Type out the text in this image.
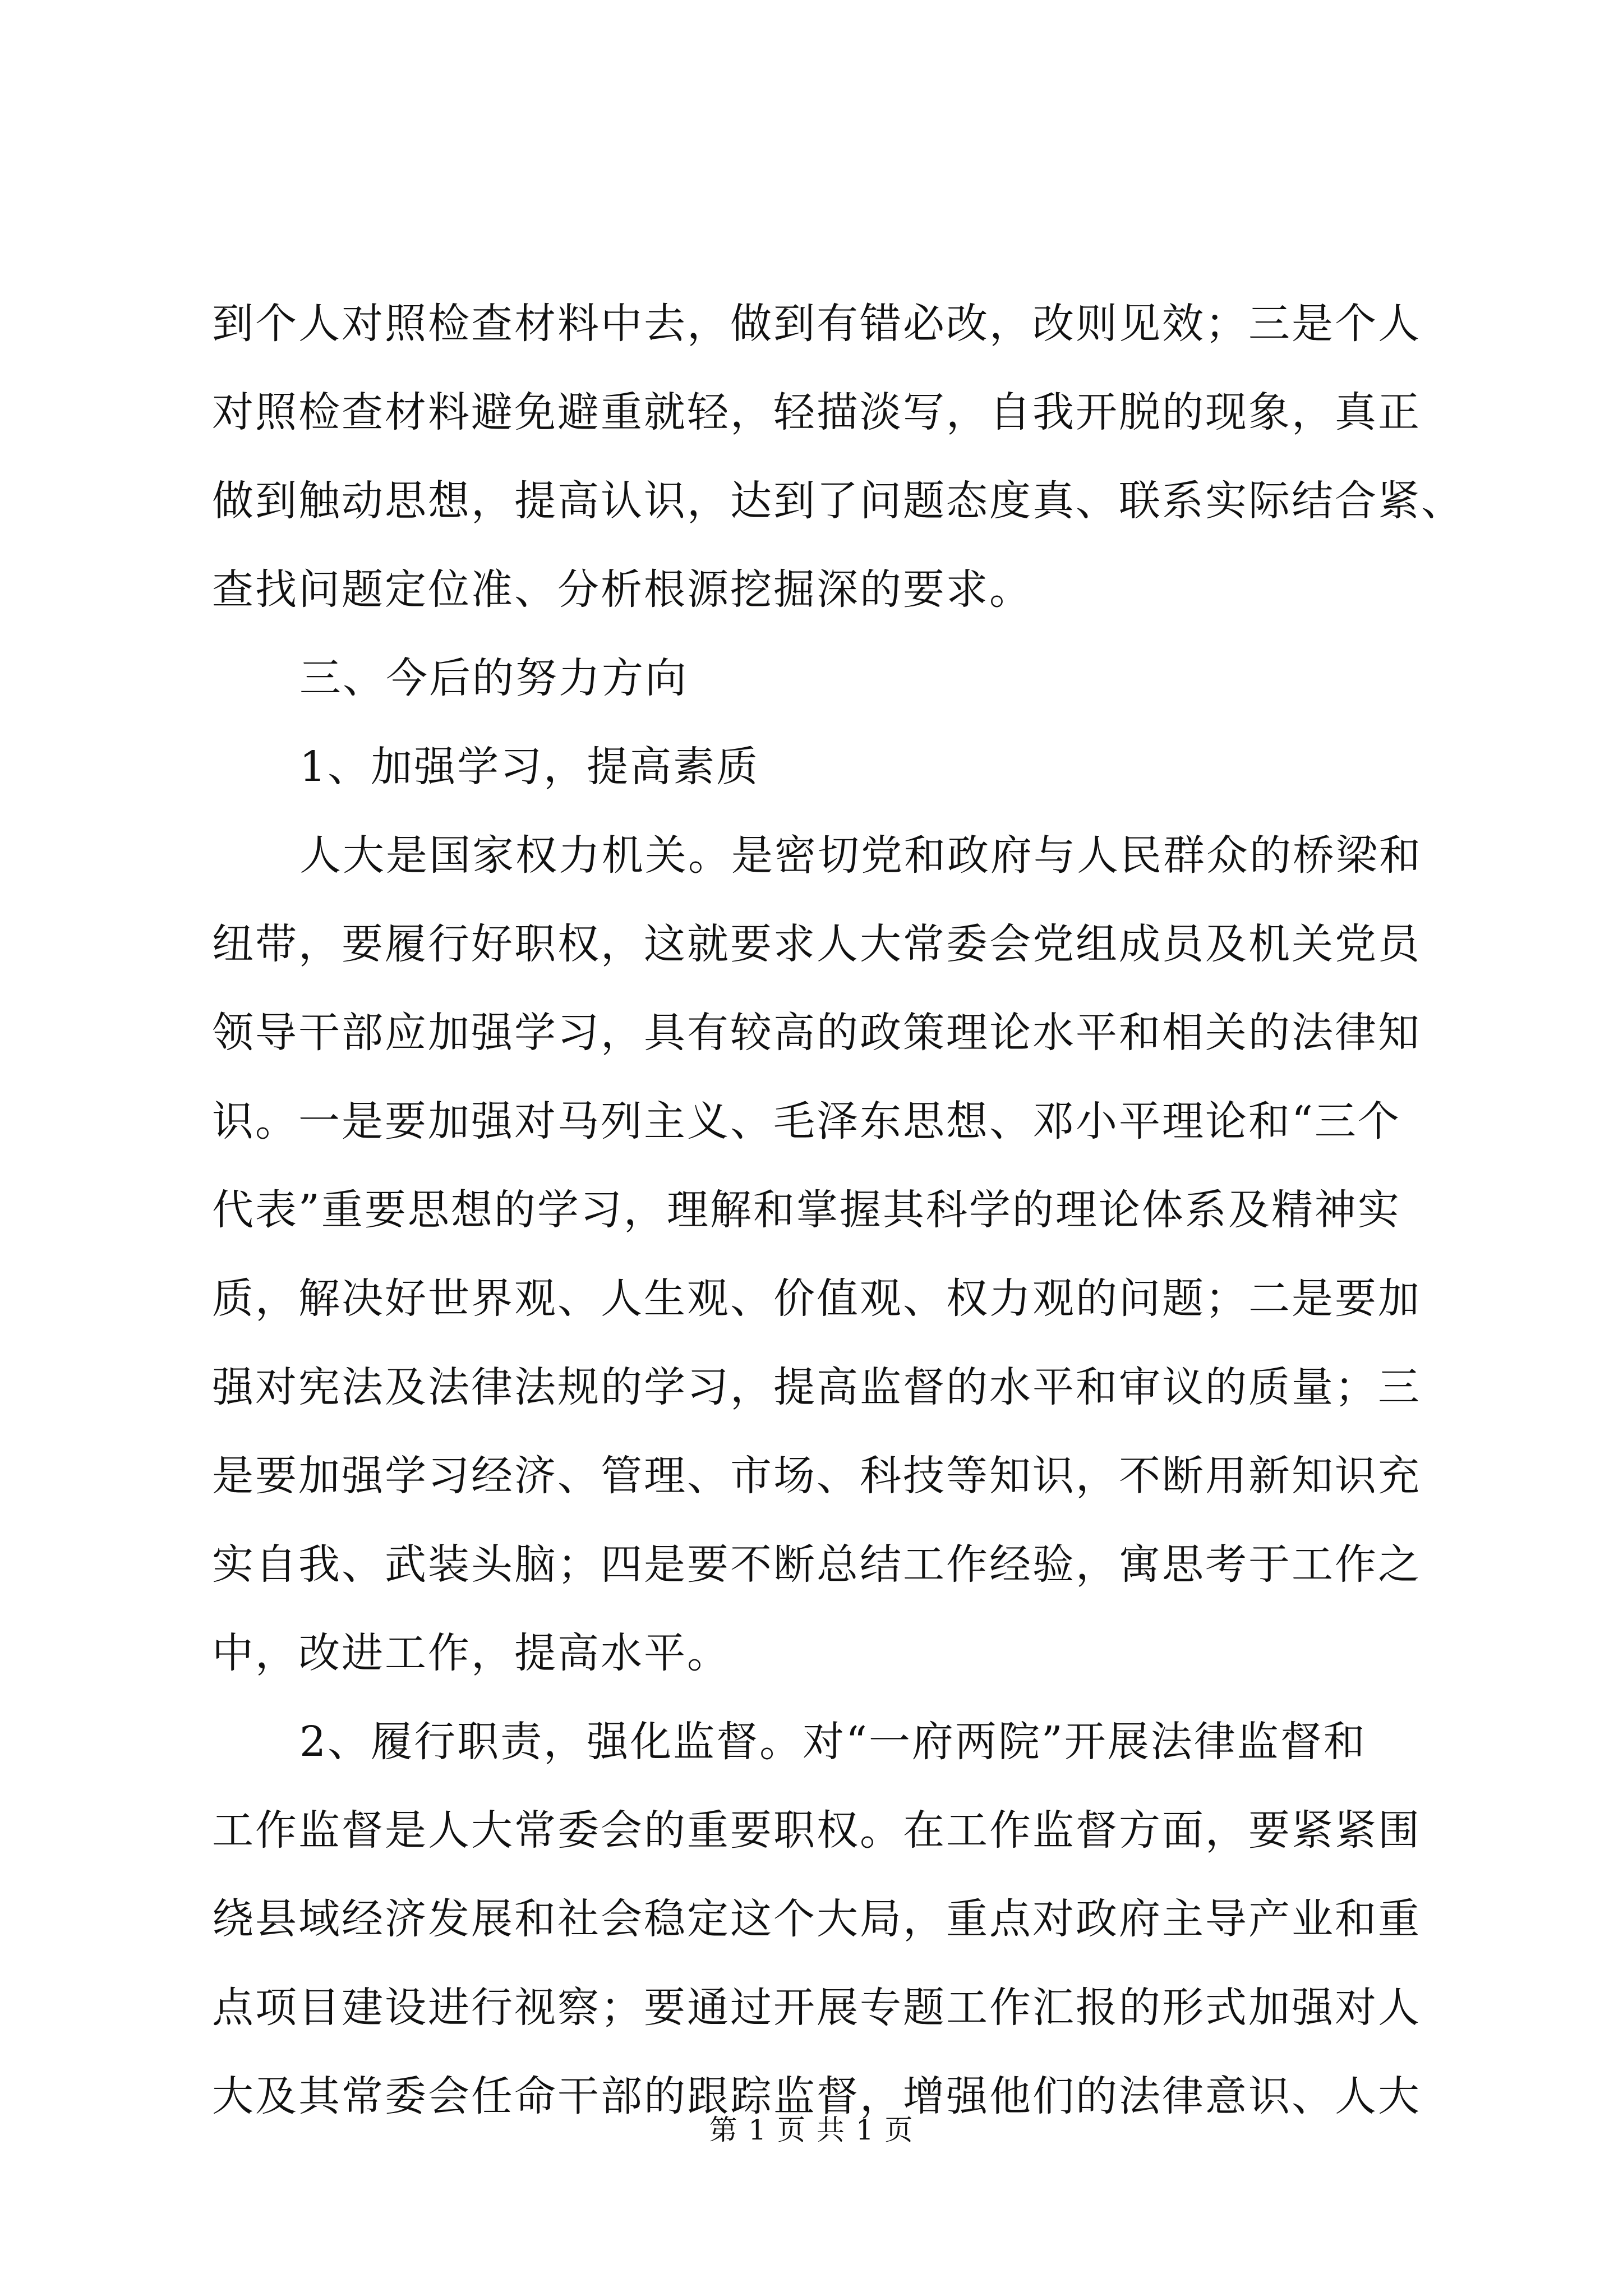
到个人对照检查材料中去，做到有错必改，改则见效；三是个人
对照检查材料避免避重就轻，轻描淡写，自我开脱的现象，真正
做到触动思想，提高认识，达到了问题态度真、联系实际结合紧、
查找问题定位准、分析根源挖掘深的要求。
三、今后的努力方向
1、加强学习，提高素质
人大是国家权力机关。是密切党和政府与人民群众的桥梁和
纽带，要履行好职权，这就要求人大常委会党组成员及机关党员
领导干部应加强学习，具有较高的政策理论水平和相关的法律知
识。一是要加强对马列主义、毛泽东思想、邓小平理论和“三个
代表”重要思想的学习，理解和掌握其科学的理论体系及精神实
质，解决好世界观、人生观、价值观、权力观的问题；二是要加
强对宪法及法律法规的学习，提高监督的水平和审议的质量；三
是要加强学习经济、管理、市场、科技等知识，不断用新知识充
实自我、武装头脑；四是要不断总结工作经验，寓思考于工作之
中，改进工作，提高水平。
2、履行职责，强化监督。对“一府两院”开展法律监督和
工作监督是人大常委会的重要职权。在工作监督方面，要紧紧围
绕县域经济发展和社会稳定这个大局，重点对政府主导产业和重
点项目建设进行视察；要通过开展专题工作汇报的形式加强对人
大及其常委会任命干部的跟踪监督，增强他们的法律意识、人大
第 1 页 共 1 页
